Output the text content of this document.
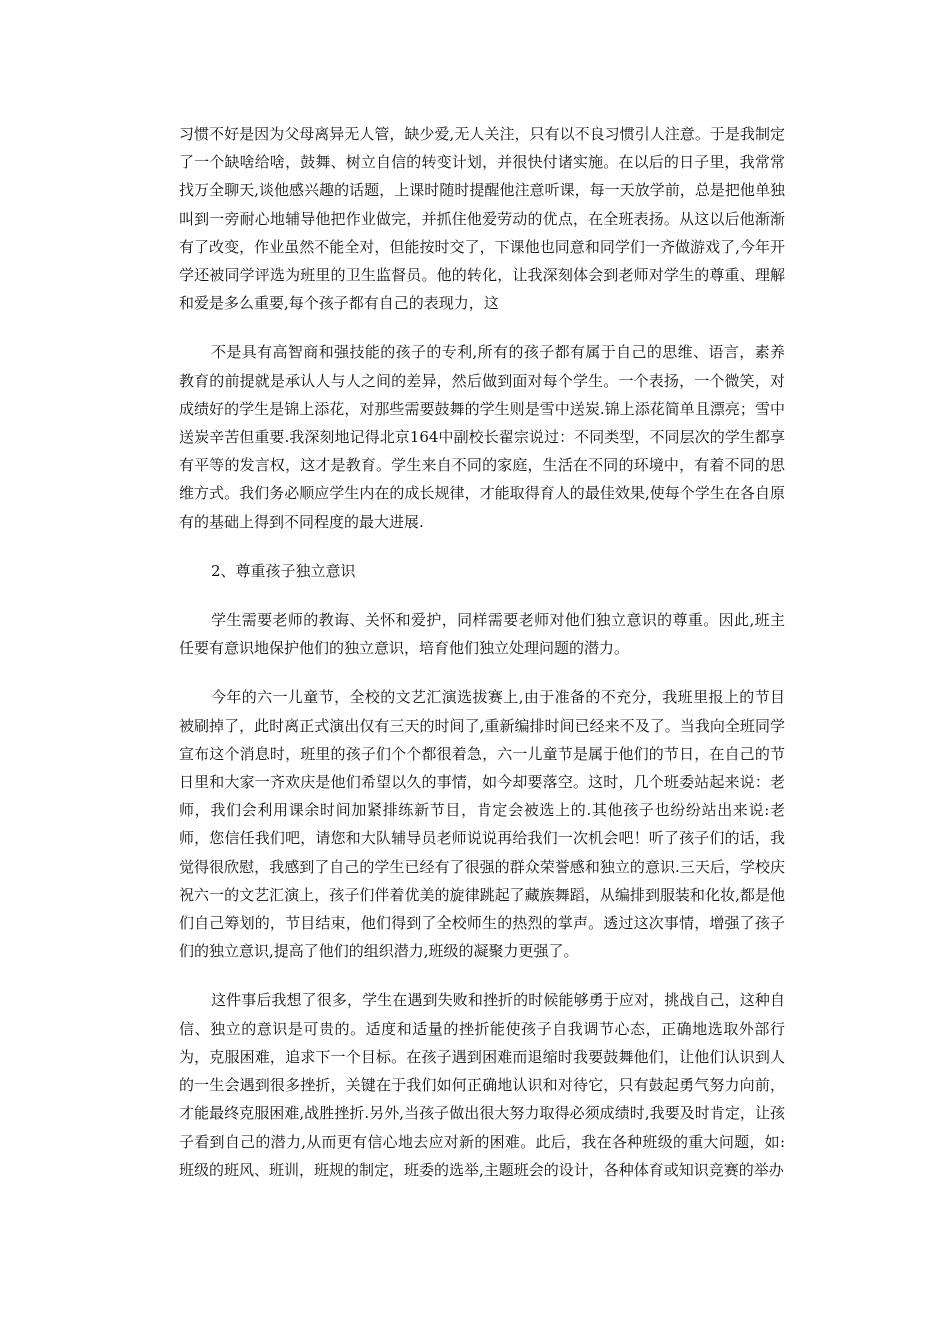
习惯不好是因为父母离异无人管，缺少爱,无人关注，只有以不良习惯引人注意。于是我制定了一个缺啥给啥，鼓舞、树立自信的转变计划，并很快付诸实施。在以后的日子里，我常常找万全聊天,谈他感兴趣的话题，上课时随时提醒他注意听课，每一天放学前，总是把他单独叫到一旁耐心地辅导他把作业做完，并抓住他爱劳动的优点，在全班表扬。从这以后他渐渐有了改变，作业虽然不能全对，但能按时交了，下课他也同意和同学们一齐做游戏了,今年开学还被同学评选为班里的卫生监督员。他的转化，让我深刻体会到老师对学生的尊重、理解和爱是多么重要,每个孩子都有自己的表现力，这

不是具有高智商和强技能的孩子的专利,所有的孩子都有属于自己的思维、语言，素养教育的前提就是承认人与人之间的差异，然后做到面对每个学生。一个表扬，一个微笑，对成绩好的学生是锦上添花，对那些需要鼓舞的学生则是雪中送炭.锦上添花简单且漂亮；雪中送炭辛苦但重要.我深刻地记得北京164中副校长翟宗说过：不同类型，不同层次的学生都享有平等的发言权，这才是教育。学生来自不同的家庭，生活在不同的环境中，有着不同的思维方式。我们务必顺应学生内在的成长规律，才能取得育人的最佳效果,使每个学生在各自原有的基础上得到不同程度的最大进展.

2、尊重孩子独立意识

学生需要老师的教诲、关怀和爱护，同样需要老师对他们独立意识的尊重。因此,班主任要有意识地保护他们的独立意识，培育他们独立处理问题的潜力。

今年的六一儿童节，全校的文艺汇演选拔赛上,由于准备的不充分，我班里报上的节目被刷掉了，此时离正式演出仅有三天的时间了,重新编排时间已经来不及了。当我向全班同学宣布这个消息时，班里的孩子们个个都很着急，六一儿童节是属于他们的节日，在自己的节日里和大家一齐欢庆是他们希望以久的事情，如今却要落空。这时，几个班委站起来说：老师，我们会利用课余时间加紧排练新节目，肯定会被选上的.其他孩子也纷纷站出来说:老师，您信任我们吧，请您和大队辅导员老师说说再给我们一次机会吧！听了孩子们的话，我觉得很欣慰，我感到了自己的学生已经有了很强的群众荣誉感和独立的意识.三天后，学校庆祝六一的文艺汇演上，孩子们伴着优美的旋律跳起了藏族舞蹈，从编排到服装和化妆,都是他们自己筹划的，节目结束，他们得到了全校师生的热烈的掌声。透过这次事情，增强了孩子们的独立意识,提高了他们的组织潜力,班级的凝聚力更强了。

这件事后我想了很多，学生在遇到失败和挫折的时候能够勇于应对，挑战自己，这种自信、独立的意识是可贵的。适度和适量的挫折能使孩子自我调节心态，正确地选取外部行为，克服困难，追求下一个目标。在孩子遇到困难而退缩时我要鼓舞他们，让他们认识到人的一生会遇到很多挫折，关键在于我们如何正确地认识和对待它，只有鼓起勇气努力向前，才能最终克服困难,战胜挫折.另外,当孩子做出很大努力取得必须成绩时,我要及时肯定，让孩子看到自己的潜力,从而更有信心地去应对新的困难。此后，我在各种班级的重大问题，如:班级的班风、班训，班规的制定，班委的选举,主题班会的设计，各种体育或知识竞赛的举办
